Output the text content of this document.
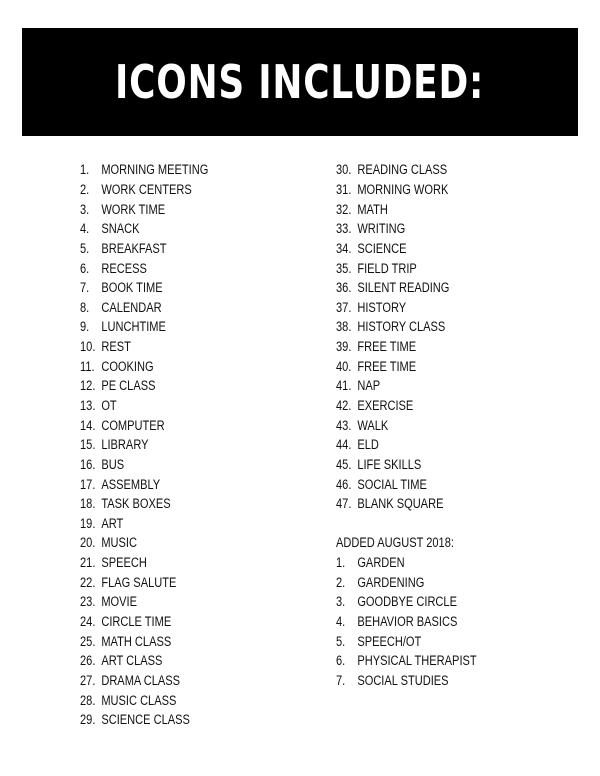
ICONS INCLUDED:
1. MORNING MEETING
2. WORK CENTERS
3. WORK TIME
4. SNACK
5. BREAKFAST
6. RECESS
7. BOOK TIME
8. CALENDAR
9. LUNCHTIME
10. REST
11. COOKING
12. PE CLASS
13. OT
14. COMPUTER
15. LIBRARY
16. BUS
17. ASSEMBLY
18. TASK BOXES
19. ART
20. MUSIC
21. SPEECH
22. FLAG SALUTE
23. MOVIE
24. CIRCLE TIME
25. MATH CLASS
26. ART CLASS
27. DRAMA CLASS
28. MUSIC CLASS
29. SCIENCE CLASS
30. READING CLASS
31. MORNING WORK
32. MATH
33. WRITING
34. SCIENCE
35. FIELD TRIP
36. SILENT READING
37. HISTORY
38. HISTORY CLASS
39. FREE TIME
40. FREE TIME
41. NAP
42. EXERCISE
43. WALK
44. ELD
45. LIFE SKILLS
46. SOCIAL TIME
47. BLANK SQUARE
ADDED AUGUST 2018:
1. GARDEN
2. GARDENING
3. GOODBYE CIRCLE
4. BEHAVIOR BASICS
5. SPEECH/OT
6. PHYSICAL THERAPIST
7. SOCIAL STUDIES
